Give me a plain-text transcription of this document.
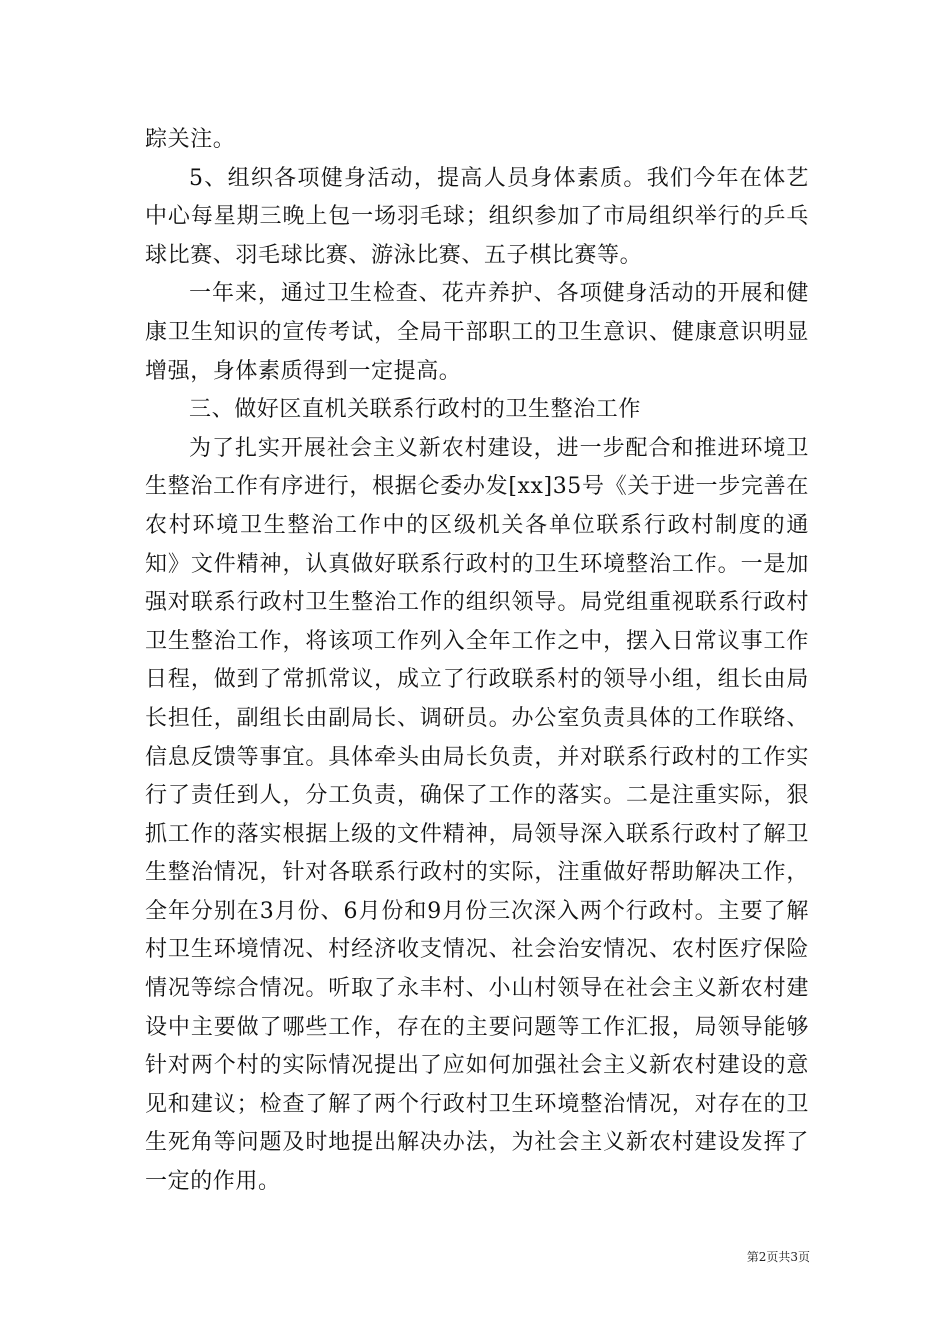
踪关注。

5、组织各项健身活动，提高人员身体素质。我们今年在体艺中心每星期三晚上包一场羽毛球；组织参加了市局组织举行的乒乓球比赛、羽毛球比赛、游泳比赛、五子棋比赛等。

一年来，通过卫生检查、花卉养护、各项健身活动的开展和健康卫生知识的宣传考试，全局干部职工的卫生意识、健康意识明显增强，身体素质得到一定提高。

三、做好区直机关联系行政村的卫生整治工作

为了扎实开展社会主义新农村建设，进一步配合和推进环境卫生整治工作有序进行，根据仑委办发[xx]35号《关于进一步完善在农村环境卫生整治工作中的区级机关各单位联系行政村制度的通知》文件精神，认真做好联系行政村的卫生环境整治工作。一是加强对联系行政村卫生整治工作的组织领导。局党组重视联系行政村卫生整治工作，将该项工作列入全年工作之中，摆入日常议事工作日程，做到了常抓常议，成立了行政联系村的领导小组，组长由局长担任，副组长由副局长、调研员。办公室负责具体的工作联络、信息反馈等事宜。具体牵头由局长负责，并对联系行政村的工作实行了责任到人，分工负责，确保了工作的落实。二是注重实际，狠抓工作的落实根据上级的文件精神，局领导深入联系行政村了解卫生整治情况，针对各联系行政村的实际，注重做好帮助解决工作，全年分别在3月份、6月份和9月份三次深入两个行政村。主要了解村卫生环境情况、村经济收支情况、社会治安情况、农村医疗保险情况等综合情况。听取了永丰村、小山村领导在社会主义新农村建设中主要做了哪些工作，存在的主要问题等工作汇报，局领导能够针对两个村的实际情况提出了应如何加强社会主义新农村建设的意见和建议；检查了解了两个行政村卫生环境整治情况，对存在的卫生死角等问题及时地提出解决办法，为社会主义新农村建设发挥了一定的作用。

第2页共3页
